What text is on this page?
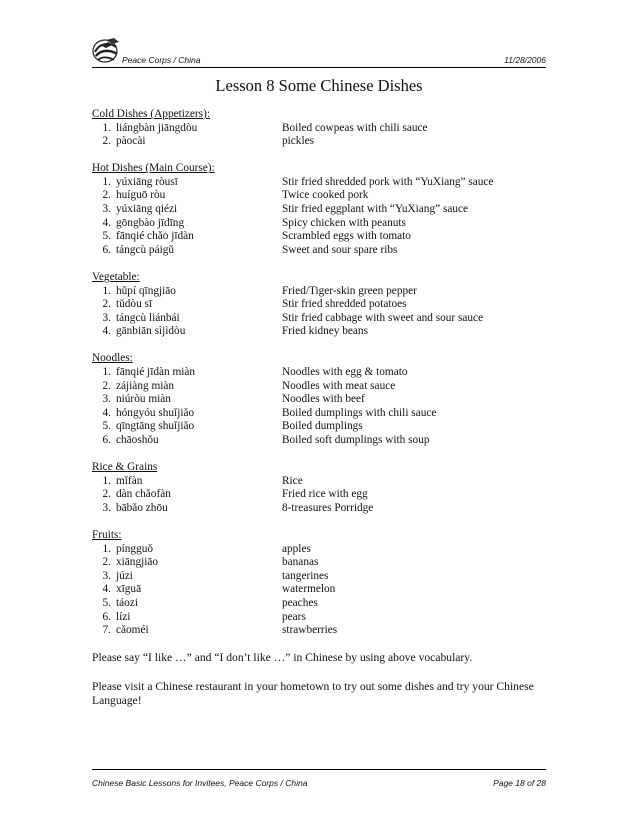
Peace Corps / China	11/28/2006
Lesson 8 Some Chinese Dishes
Cold Dishes (Appetizers):
1. liángbàn jiāngdòu	Boiled cowpeas with chili sauce
2. pàocài	pickles
Hot Dishes (Main Course):
1. yúxiāng ròusī	Stir fried shredded pork with “YuXiang” sauce
2. huíguō ròu	Twice cooked pork
3. yúxiāng qiézi	Stir fried eggplant with “YuXiang” sauce
4. gōngbào jīdīng	Spicy chicken with peanuts
5. fānqié chǎo jīdàn	Scrambled eggs with tomato
6. tángcù páigǔ	Sweet and sour spare ribs
Vegetable:
1. hǔpí qīngjiāo	Fried/Tiger-skin green pepper
2. tǔdòu sī	Stir fried shredded potatoes
3. tángcù liánbái	Stir fried cabbage with sweet and sour sauce
4. gānbiān sìjìdòu	Fried kidney beans
Noodles:
1. fānqié jīdàn miàn	Noodles with egg & tomato
2. zájiàng miàn	Noodles with meat sauce
3. niúròu miàn	Noodles with beef
4. hóngyóu shuǐjiǎo	Boiled dumplings with chili sauce
5. qīngtāng shuǐjiǎo	Boiled dumplings
6. chāoshǒu	Boiled soft dumplings with soup
Rice & Grains
1. mǐfàn	Rice
2. dàn chǎofàn	Fried rice with egg
3. bābǎo zhōu	8-treasures Porridge
Fruits:
1. píngguǒ	apples
2. xiāngjiāo	bananas
3. júzi	tangerines
4. xīguā	watermelon
5. táozi	peaches
6. lízi	pears
7. cǎoméi	strawberries
Please say “I like …” and “I don’t like …” in Chinese by using above vocabulary.
Please visit a Chinese restaurant in your hometown to try out some dishes and try your Chinese Language!
Chinese Basic Lessons for Invitees, Peace Corps / China	Page 18 of 28
